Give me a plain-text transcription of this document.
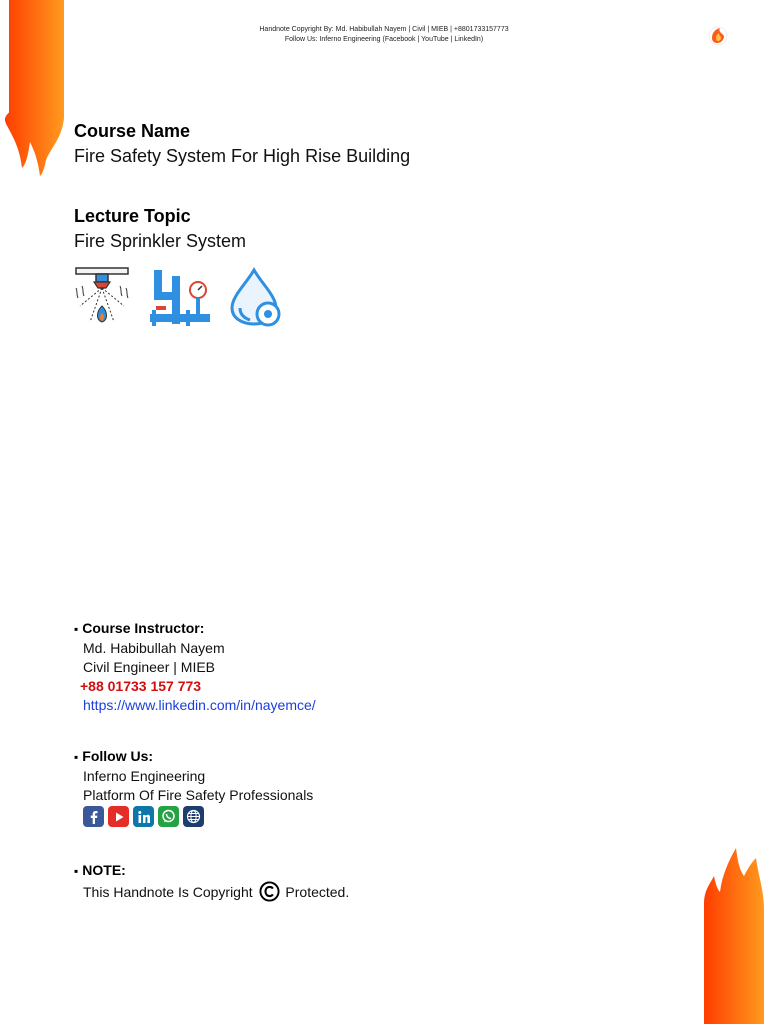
Handnote Copyright By: Md. Habibullah Nayem | Civil | MIEB | +8801733157773
Follow Us: Inferno Engineering (Facebook | YouTube | LinkedIn)
Course Name
Fire Safety System For High Rise Building
Lecture Topic
Fire Sprinkler System
▪ Course Instructor:
Md. Habibullah Nayem
Civil Engineer | MIEB
+88 01733 157 773
https://www.linkedin.com/in/nayemce/
▪ Follow Us:
Inferno Engineering
Platform Of Fire Safety Professionals
▪ NOTE:
This Handnote Is Copyright Protected.
